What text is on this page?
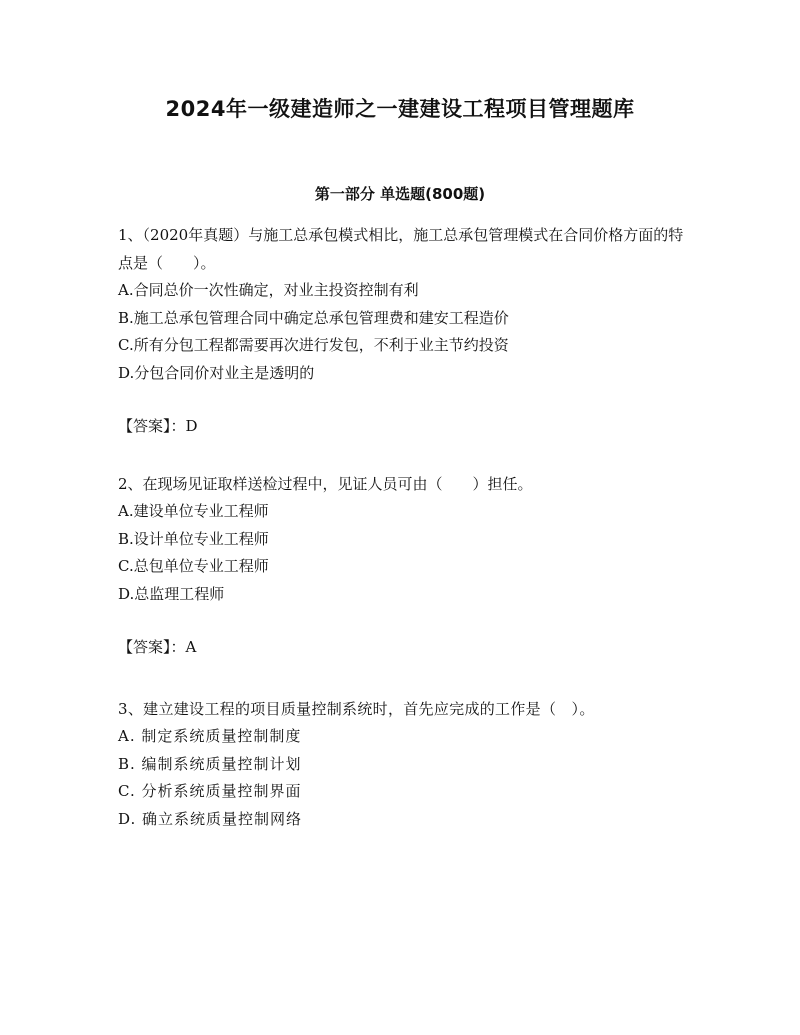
2024年一级建造师之一建建设工程项目管理题库
第一部分 单选题(800题)
1、（2020年真题）与施工总承包模式相比，施工总承包管理模式在合同价格方面的特点是（　　）。
A.合同总价一次性确定，对业主投资控制有利
B.施工总承包管理合同中确定总承包管理费和建安工程造价
C.所有分包工程都需要再次进行发包，不利于业主节约投资
D.分包合同价对业主是透明的
【答案】：D
2、在现场见证取样送检过程中，见证人员可由（　　）担任。
A.建设单位专业工程师
B.设计单位专业工程师
C.总包单位专业工程师
D.总监理工程师
【答案】：A
3、建立建设工程的项目质量控制系统时，首先应完成的工作是（　）。
A. 制定系统质量控制制度
B. 编制系统质量控制计划
C. 分析系统质量控制界面
D. 确立系统质量控制网络
